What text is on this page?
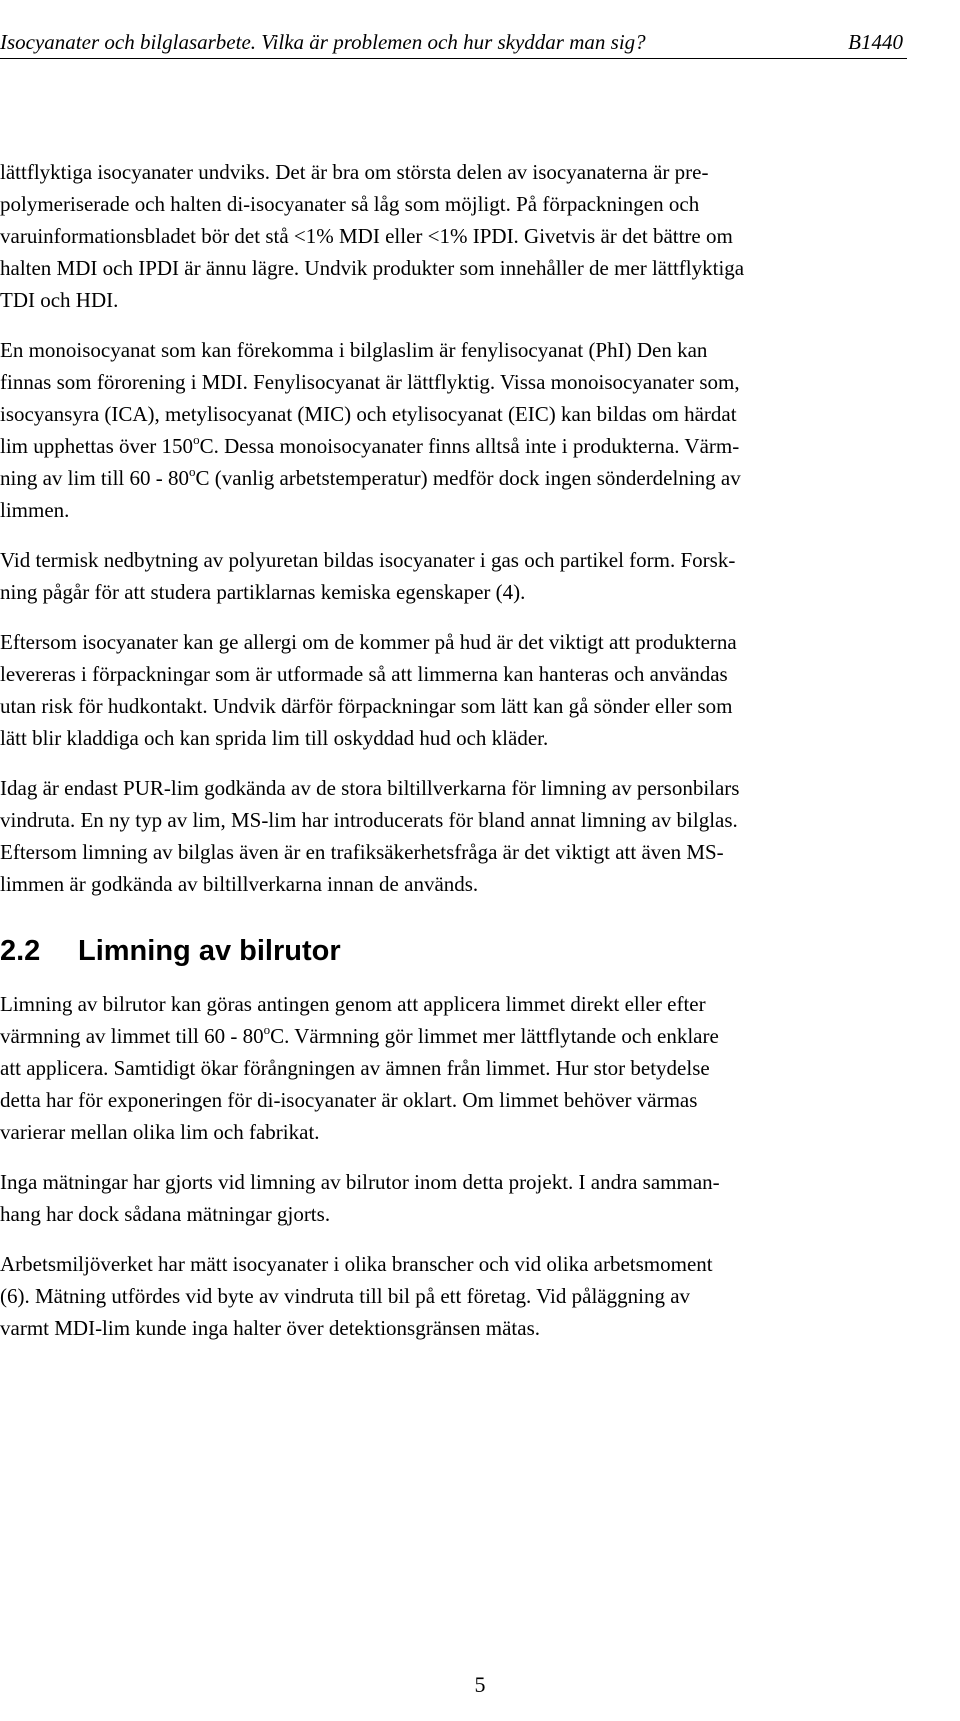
Isocyanater och bilglasarbete. Vilka är problemen och hur skyddar man sig?	B1440

lättflyktiga isocyanater undviks. Det är bra om största delen av isocyanaterna är pre-
polymeriserade och halten di-isocyanater så låg som möjligt. På förpackningen och
varuinformationsbladet bör det stå <1% MDI eller <1% IPDI. Givetvis är det bättre om
halten MDI och IPDI är ännu lägre. Undvik produkter som innehåller de mer lättflyktiga
TDI och HDI.

En monoisocyanat som kan förekomma i bilglaslim är fenylisocyanat (PhI) Den kan
finnas som förorening i MDI. Fenylisocyanat är lättflyktig. Vissa monoisocyanater som,
isocyansyra (ICA), metylisocyanat (MIC) och etylisocyanat (EIC) kan bildas om härdat
lim upphettas över 150$^o$C. Dessa monoisocyanater finns alltså inte i produkterna. Värm-
ning av lim till 60 - 80$^o$C (vanlig arbetstemperatur) medför dock ingen sönderdelning av
limmen.

Vid termisk nedbytning av polyuretan bildas isocyanater i gas och partikel form. Forsk-
ning pågår för att studera partiklarnas kemiska egenskaper (4).

Eftersom isocyanater kan ge allergi om de kommer på hud är det viktigt att produkterna
levereras i förpackningar som är utformade så att limmerna kan hanteras och användas
utan risk för hudkontakt. Undvik därför förpackningar som lätt kan gå sönder eller som
lätt blir kladdiga och kan sprida lim till oskyddad hud och kläder.

Idag är endast PUR-lim godkända av de stora biltillverkarna för limning av personbilars
vindruta. En ny typ av lim, MS-lim har introducerats för bland annat limning av bilglas.
Eftersom limning av bilglas även är en trafiksäkerhetsfråga är det viktigt att även MS-
limmen är godkända av biltillverkarna innan de används.

2.2 Limning av bilrutor

Limning av bilrutor kan göras antingen genom att applicera limmet direkt eller efter
värmning av limmet till 60 - 80$^o$C. Värmning gör limmet mer lättflytande och enklare
att applicera. Samtidigt ökar förångningen av ämnen från limmet. Hur stor betydelse
detta har för exponeringen för di-isocyanater är oklart. Om limmet behöver värmas
varierar mellan olika lim och fabrikat.

Inga mätningar har gjorts vid limning av bilrutor inom detta projekt. I andra samman-
hang har dock sådana mätningar gjorts.

Arbetsmiljöverket har mätt isocyanater i olika branscher och vid olika arbetsmoment
(6). Mätning utfördes vid byte av vindruta till bil på ett företag. Vid påläggning av
varmt MDI-lim kunde inga halter över detektionsgränsen mätas.

5
